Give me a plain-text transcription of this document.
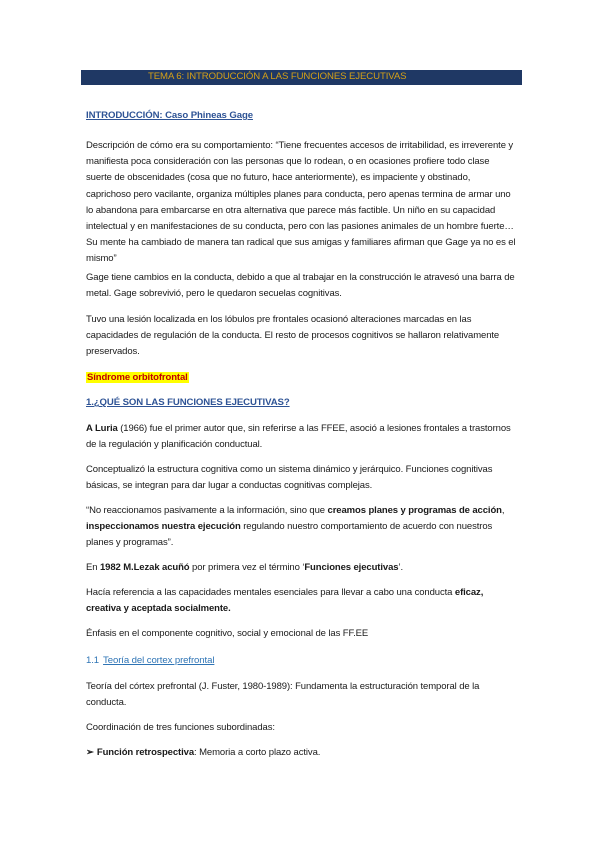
TEMA 6: INTRODUCCIÓN A LAS FUNCIONES EJECUTIVAS

INTRODUCCIÓN: Caso Phineas Gage

Descripción de cómo era su comportamiento: “Tiene frecuentes accesos de irritabilidad, es irreverente y manifiesta poca consideración con las personas que lo rodean, o en ocasiones profiere todo clase suerte de obscenidades (cosa que no futuro, hace anteriormente), es impaciente y obstinado, caprichoso pero vacilante, organiza múltiples planes para conducta, pero apenas termina de armar uno lo abandona para embarcarse en otra alternativa que parece más factible. Un niño en su capacidad intelectual y en manifestaciones de su conducta, pero con las pasiones animales de un hombre fuerte…Su mente ha cambiado de manera tan radical que sus amigas y familiares afirman que Gage ya no es el mismo”

Gage tiene cambios en la conducta, debido a que al trabajar en la construcción le atravesó una barra de metal. Gage sobrevivió, pero le quedaron secuelas cognitivas.

Tuvo una lesión localizada en los lóbulos pre frontales ocasionó alteraciones marcadas en las capacidades de regulación de la conducta. El resto de procesos cognitivos se hallaron relativamente preservados.

Síndrome orbitofrontal

1.¿QUÉ SON LAS FUNCIONES EJECUTIVAS?

A Luria (1966) fue el primer autor que, sin referirse a las FFEE, asoció a lesiones frontales a trastornos de la regulación y planificación conductual.

Conceptualizó la estructura cognitiva como un sistema dinámico y jerárquico. Funciones cognitivas básicas, se integran para dar lugar a conductas cognitivas complejas.

“No reaccionamos pasivamente a la información, sino que creamos planes y programas de acción, inspeccionamos nuestra ejecución regulando nuestro comportamiento de acuerdo con nuestros planes y programas”.

En 1982 M.Lezak acuñó por primera vez el término ‘Funciones ejecutivas’.

Hacía referencia a las capacidades mentales esenciales para llevar a cabo una conducta eficaz, creativa y aceptada socialmente.

Énfasis en el componente cognitivo, social y emocional de las FF.EE

1.1 Teoría del cortex prefrontal

Teoría del córtex prefrontal (J. Fuster, 1980-1989): Fundamenta la estructuración temporal de la conducta.

Coordinación de tres funciones subordinadas:

➢ Función retrospectiva: Memoria a corto plazo activa.
